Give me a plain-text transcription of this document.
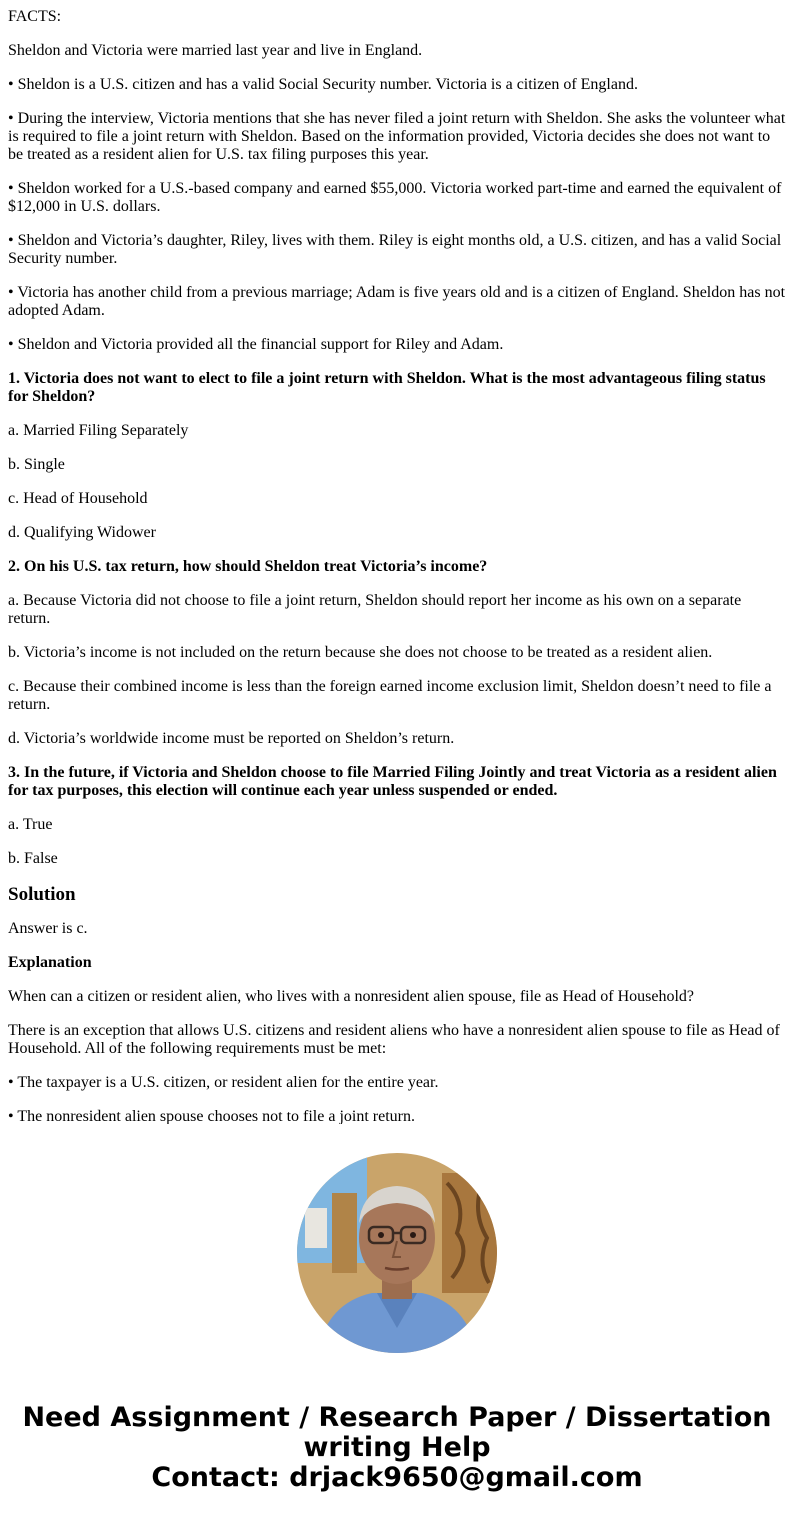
FACTS:

Sheldon and Victoria were married last year and live in England.

• Sheldon is a U.S. citizen and has a valid Social Security number. Victoria is a citizen of England.

• During the interview, Victoria mentions that she has never filed a joint return with Sheldon. She asks the volunteer what is required to file a joint return with Sheldon. Based on the information provided, Victoria decides she does not want to be treated as a resident alien for U.S. tax filing purposes this year.

• Sheldon worked for a U.S.-based company and earned $55,000. Victoria worked part-time and earned the equivalent of $12,000 in U.S. dollars.

• Sheldon and Victoria’s daughter, Riley, lives with them. Riley is eight months old, a U.S. citizen, and has a valid Social Security number.

• Victoria has another child from a previous marriage; Adam is five years old and is a citizen of England. Sheldon has not adopted Adam.

• Sheldon and Victoria provided all the financial support for Riley and Adam.

1. Victoria does not want to elect to file a joint return with Sheldon. What is the most advantageous filing status for Sheldon?

a. Married Filing Separately

b. Single

c. Head of Household

d. Qualifying Widower

2. On his U.S. tax return, how should Sheldon treat Victoria’s income?

a. Because Victoria did not choose to file a joint return, Sheldon should report her income as his own on a separate return.

b. Victoria’s income is not included on the return because she does not choose to be treated as a resident alien.

c. Because their combined income is less than the foreign earned income exclusion limit, Sheldon doesn’t need to file a return.

d. Victoria’s worldwide income must be reported on Sheldon’s return.

3. In the future, if Victoria and Sheldon choose to file Married Filing Jointly and treat Victoria as a resident alien for tax purposes, this election will continue each year unless suspended or ended.

a. True

b. False

Solution

Answer is c.

Explanation

When can a citizen or resident alien, who lives with a nonresident alien spouse, file as Head of Household?

There is an exception that allows U.S. citizens and resident aliens who have a nonresident alien spouse to file as Head of Household. All of the following requirements must be met:

• The taxpayer is a U.S. citizen, or resident alien for the entire year.

• The nonresident alien spouse chooses not to file a joint return.

Need Assignment / Research Paper / Dissertation
writing Help
Contact: drjack9650@gmail.com
